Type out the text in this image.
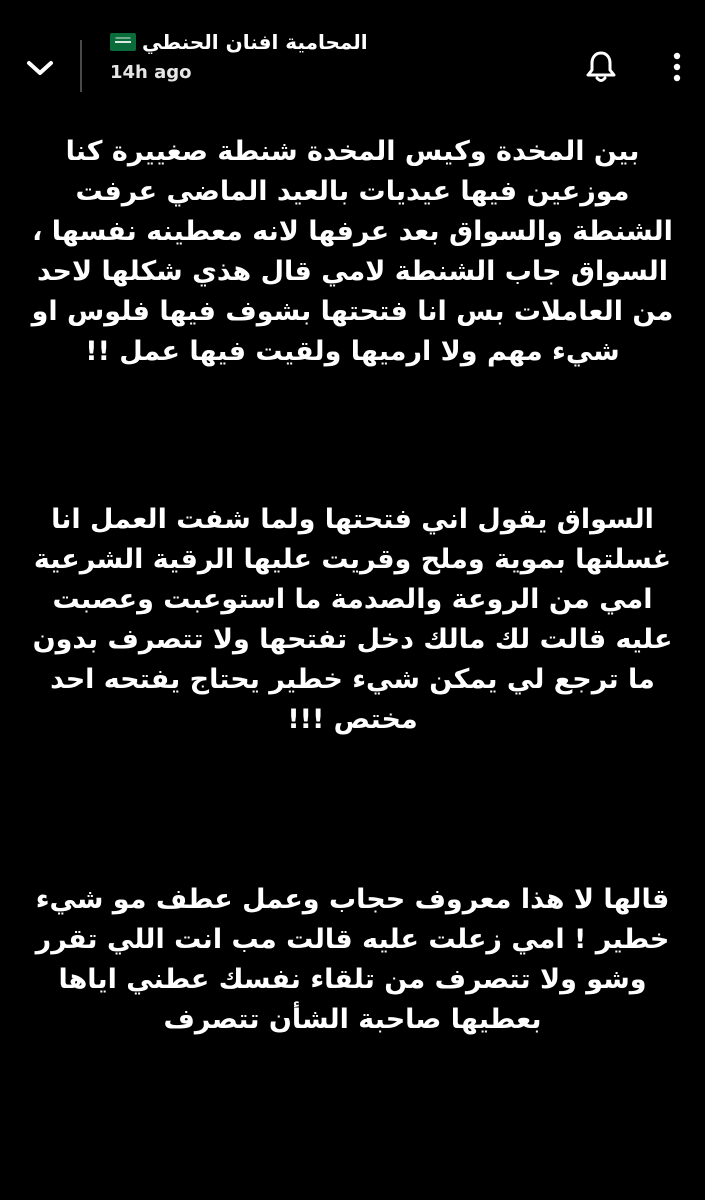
المحامية افنان الحنطي
14h ago

بين المخدة وكيس المخدة شنطة صغييرة كنا موزعين فيها عيديات بالعيد الماضي عرفت الشنطة والسواق بعد عرفها لانه معطينه نفسها ، السواق جاب الشنطة لامي قال هذي شكلها لاحد من العاملات بس انا فتحتها بشوف فيها فلوس او شيء مهم ولا ارميها ولقيت فيها عمل !!

السواق يقول اني فتحتها ولما شفت العمل انا غسلتها بموية وملح وقريت عليها الرقية الشرعية امي من الروعة والصدمة ما استوعبت وعصبت عليه قالت لك مالك دخل تفتحها ولا تتصرف بدون ما ترجع لي يمكن شيء خطير يحتاج يفتحه احد مختص !!!

قالها لا هذا معروف حجاب وعمل عطف مو شيء خطير ! امي زعلت عليه قالت مب انت اللي تقرر وشو ولا تتصرف من تلقاء نفسك عطني اياها بعطيها صاحبة الشأن تتصرف
